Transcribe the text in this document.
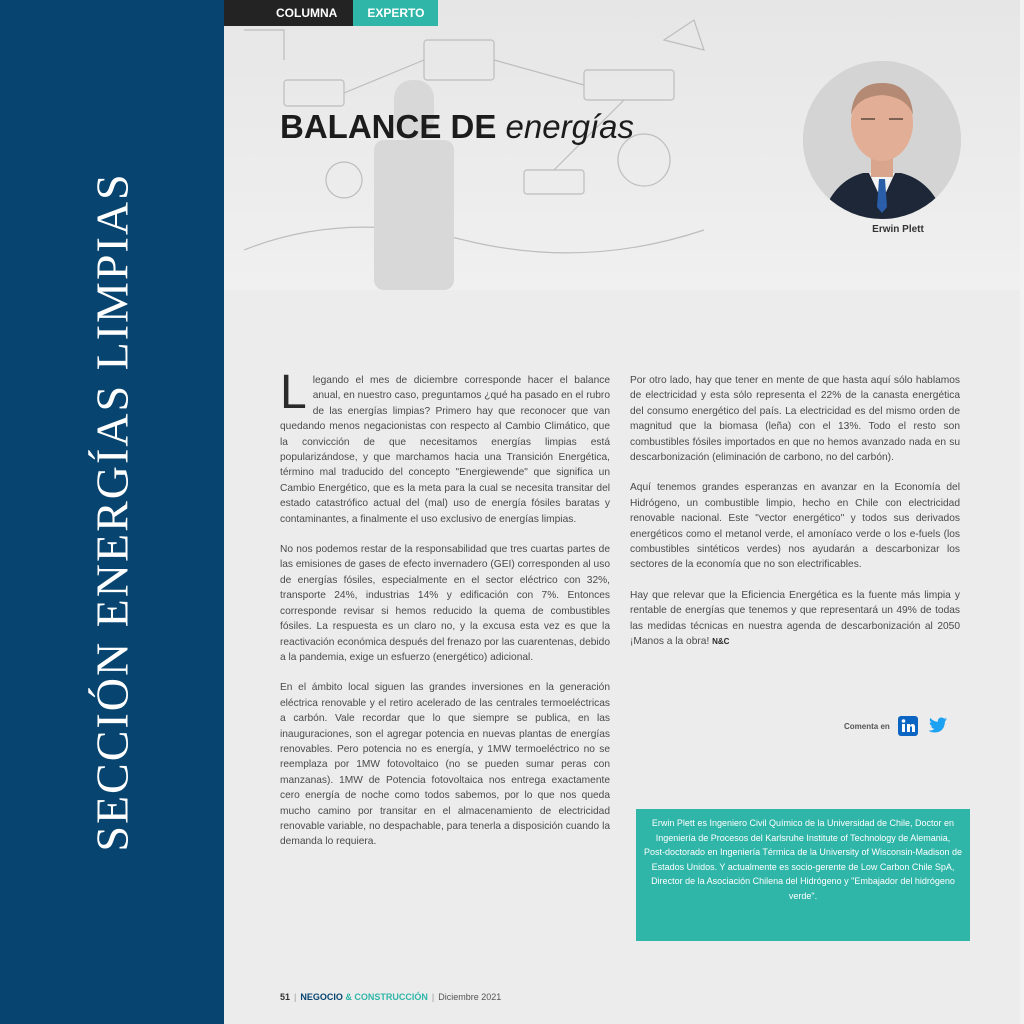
SECCIÓN ENERGÍAS LIMPIAS
COLUMNA	EXPERTO
BALANCE DE energías
Erwin Plett

Llegando el mes de diciembre corresponde hacer el balance anual, en nuestro caso, preguntamos ¿qué ha pasado en el rubro de las energías limpias? Primero hay que reconocer que van quedando menos negacionistas con respecto al Cambio Climático, que la convicción de que necesitamos energías limpias está popularizándose, y que marchamos hacia una Transición Energética, término mal traducido del concepto "Energiewende" que significa un Cambio Energético, que es la meta para la cual se necesita transitar del estado catastrófico actual del (mal) uso de energía fósiles baratas y contaminantes, a finalmente el uso exclusivo de energías limpias.

No nos podemos restar de la responsabilidad que tres cuartas partes de las emisiones de gases de efecto invernadero (GEI) corresponden al uso de energías fósiles, especialmente en el sector eléctrico con 32%, transporte 24%, industrias 14% y edificación con 7%. Entonces corresponde revisar si hemos reducido la quema de combustibles fósiles. La respuesta es un claro no, y la excusa esta vez es que la reactivación económica después del frenazo por las cuarentenas, debido a la pandemia, exige un esfuerzo (energético) adicional.

En el ámbito local siguen las grandes inversiones en la generación eléctrica renovable y el retiro acelerado de las centrales termoeléctricas a carbón. Vale recordar que lo que siempre se publica, en las inauguraciones, son el agregar potencia en nuevas plantas de energías renovables. Pero potencia no es energía, y 1MW termoeléctrico no se reemplaza por 1MW fotovoltaico (no se pueden sumar peras con manzanas). 1MW de Potencia fotovoltaica nos entrega exactamente cero energía de noche como todos sabemos, por lo que nos queda mucho camino por transitar en el almacenamiento de electricidad renovable variable, no despachable, para tenerla a disposición cuando la demanda lo requiera.

Por otro lado, hay que tener en mente de que hasta aquí sólo hablamos de electricidad y esta sólo representa el 22% de la canasta energética del consumo energético del país. La electricidad es del mismo orden de magnitud que la biomasa (leña) con el 13%. Todo el resto son combustibles fósiles importados en que no hemos avanzado nada en su descarbonización (eliminación de carbono, no del carbón).

Aquí tenemos grandes esperanzas en avanzar en la Economía del Hidrógeno, un combustible limpio, hecho en Chile con electricidad renovable nacional. Este "vector energético" y todos sus derivados energéticos como el metanol verde, el amoníaco verde o los e-fuels (los combustibles sintéticos verdes) nos ayudarán a descarbonizar los sectores de la economía que no son electrificables.

Hay que relevar que la Eficiencia Energética es la fuente más limpia y rentable de energías que tenemos y que representará un 49% de todas las medidas técnicas en nuestra agenda de descarbonización al 2050 ¡Manos a la obra! N&C

Comenta en
Erwin Plett es Ingeniero Civil Químico de la Universidad de Chile, Doctor en Ingeniería de Procesos del Karlsruhe Institute of Technology de Alemania, Post-doctorado en Ingeniería Térmica de la University of Wisconsin-Madison de Estados Unidos. Y actualmente es socio-gerente de Low Carbon Chile SpA, Director de la Asociación Chilena del Hidrógeno y "Embajador del hidrógeno verde".
51 | NEGOCIO & CONSTRUCCIÓN | Diciembre 2021
